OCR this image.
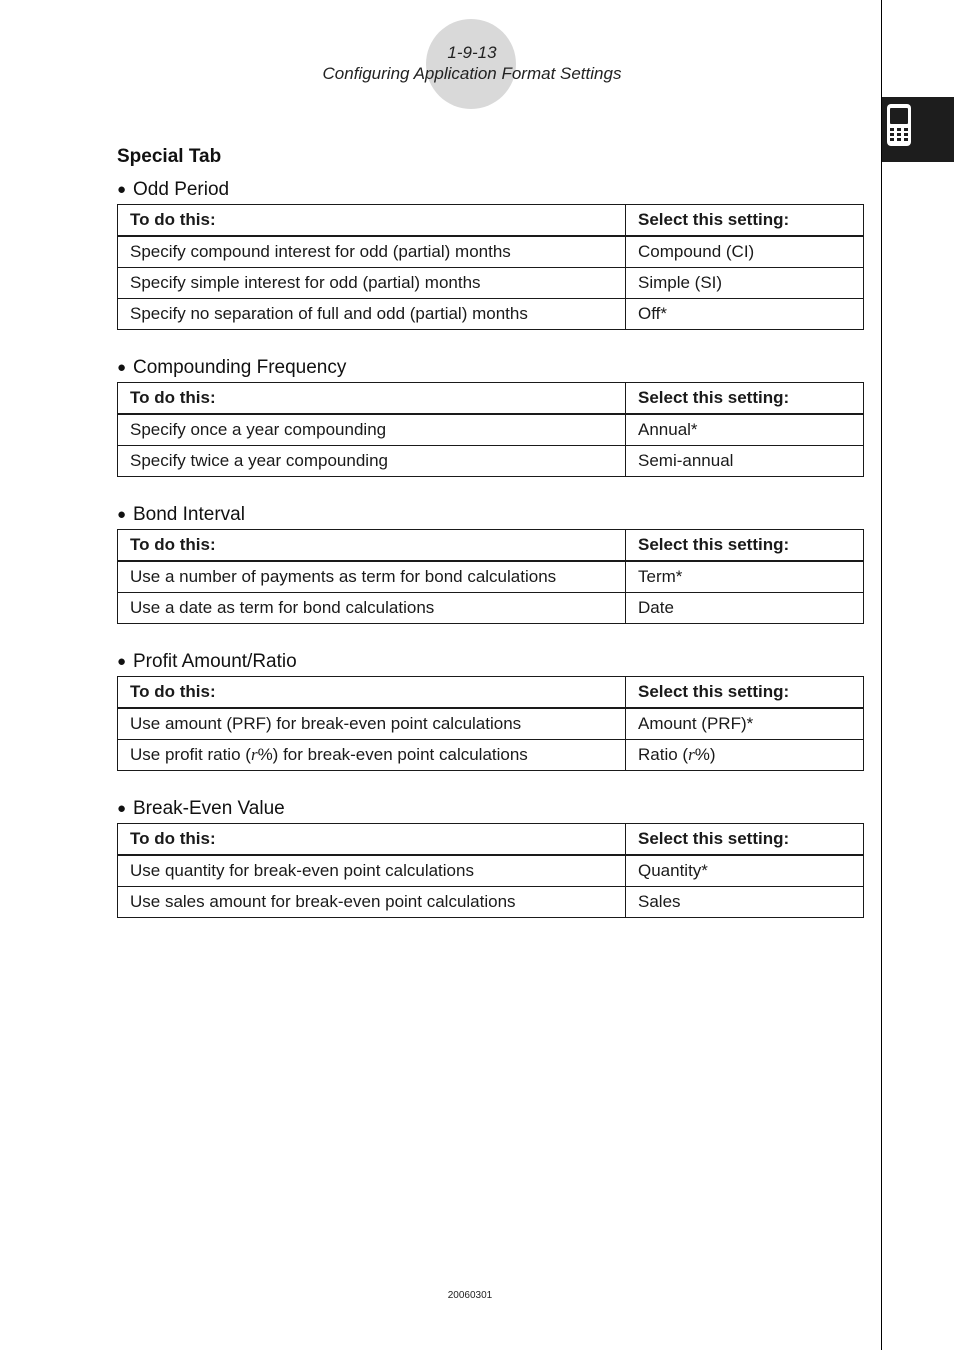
1-9-13
Configuring Application Format Settings
Special Tab
● Odd Period
To do this:	Select this setting:
Specify compound interest for odd (partial) months	Compound (CI)
Specify simple interest for odd (partial) months	Simple (SI)
Specify no separation of full and odd (partial) months	Off*
● Compounding Frequency
To do this:	Select this setting:
Specify once a year compounding	Annual*
Specify twice a year compounding	Semi-annual
● Bond Interval
To do this:	Select this setting:
Use a number of payments as term for bond calculations	Term*
Use a date as term for bond calculations	Date
● Profit Amount/Ratio
To do this:	Select this setting:
Use amount (PRF) for break-even point calculations	Amount (PRF)*
Use profit ratio (r%) for break-even point calculations	Ratio (r%)
● Break-Even Value
To do this:	Select this setting:
Use quantity for break-even point calculations	Quantity*
Use sales amount for break-even point calculations	Sales
20060301
